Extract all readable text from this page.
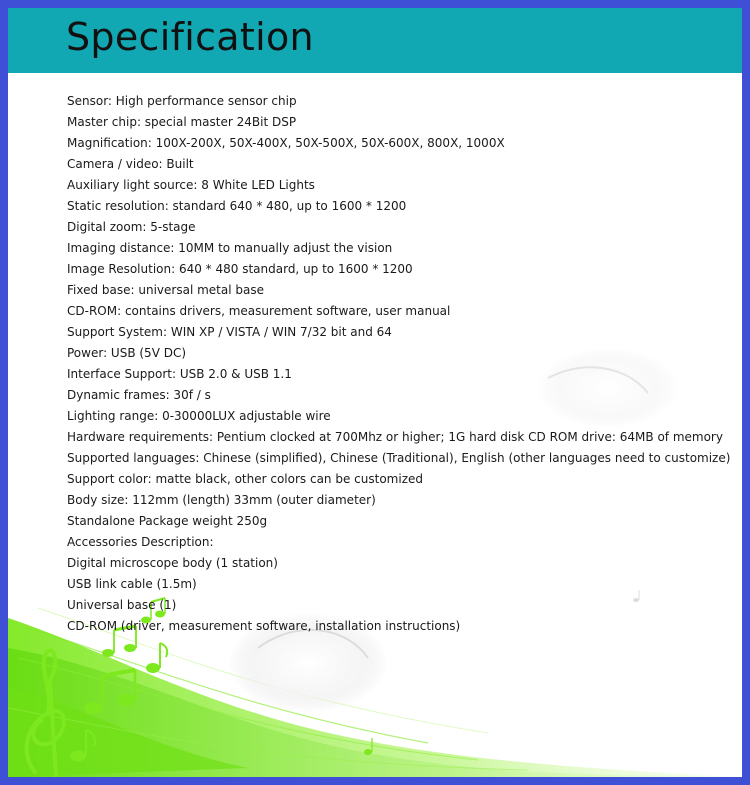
Specification
Sensor: High performance sensor chip
Master chip: special master 24Bit DSP
Magnification: 100X-200X, 50X-400X, 50X-500X, 50X-600X, 800X, 1000X
Camera / video: Built
Auxiliary light source: 8 White LED Lights
Static resolution: standard 640 * 480, up to 1600 * 1200
Digital zoom: 5-stage
Imaging distance: 10MM to manually adjust the vision
Image Resolution: 640 * 480 standard, up to 1600 * 1200
Fixed base: universal metal base
CD-ROM: contains drivers, measurement software, user manual
Support System: WIN XP / VISTA / WIN 7/32 bit and 64
Power: USB (5V DC)
Interface Support: USB 2.0 & USB 1.1
Dynamic frames: 30f / s
Lighting range: 0-30000LUX adjustable wire
Hardware requirements: Pentium clocked at 700Mhz or higher; 1G hard disk CD ROM drive: 64MB of memory
Supported languages: Chinese (simplified), Chinese (Traditional), English (other languages need to customize)
Support color: matte black, other colors can be customized
Body size: 112mm (length) 33mm (outer diameter)
Standalone Package weight 250g
Accessories Description:
Digital microscope body (1 station)
USB link cable (1.5m)
Universal base (1)
CD-ROM (driver, measurement software, installation instructions)
